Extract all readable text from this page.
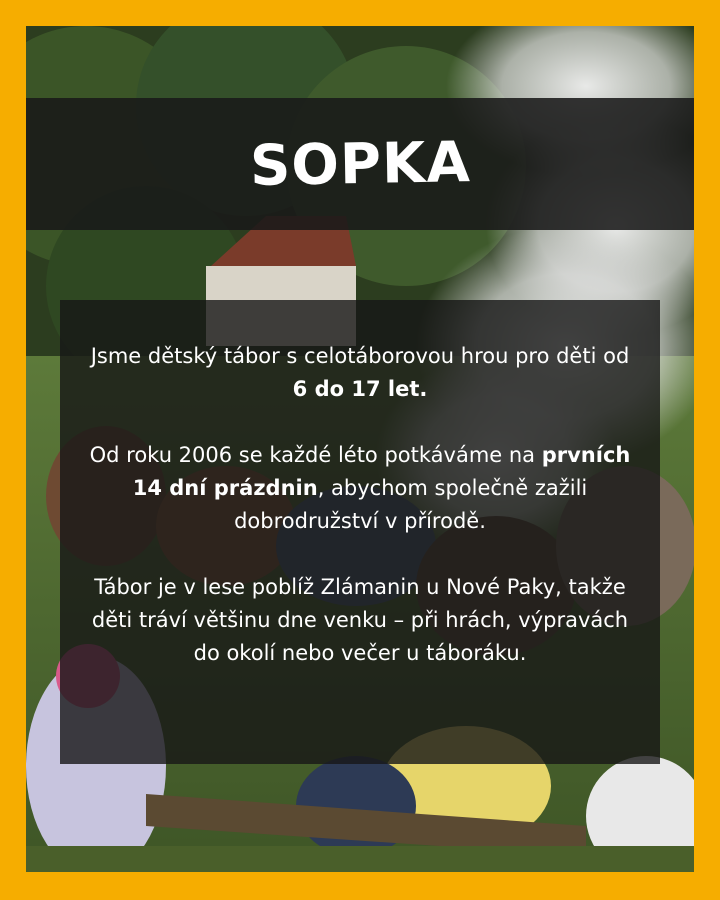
SOPKA

Jsme dětský tábor s celotáborovou hrou pro děti od 6 do 17 let.

Od roku 2006 se každé léto potkáváme na prvních 14 dní prázdnin, abychom společně zažili dobrodružství v přírodě.

Tábor je v lese poblíž Zlámanin u Nové Paky, takže děti tráví většinu dne venku – při hrách, výpravách do okolí nebo večer u táboráku.
